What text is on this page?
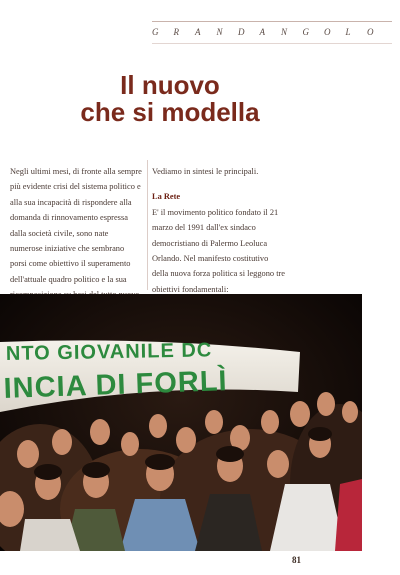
G R A N D A N G O L O
Il nuovo
che si modella
Negli ultimi mesi, di fronte alla sempre più evidente crisi del sistema politico e alla sua incapacità di rispondere alla domanda di rinnovamento espressa dalla società civile, sono nate numerose iniziative che sembrano porsi come obiettivo il superamento dell'attuale quadro politico e la sua
Vediamo in sintesi le principali.
La Rete
E' il movimento politico fondato il 21 marzo del 1991 dall'ex sindaco democristiano di Palermo Leoluca Orlando. Nel manifesto costitutivo della nuova forza politica si leggono tre obiettivi fondamentali:
NTO GIOVANILE DC
INCIA DI FORLÌ
81
